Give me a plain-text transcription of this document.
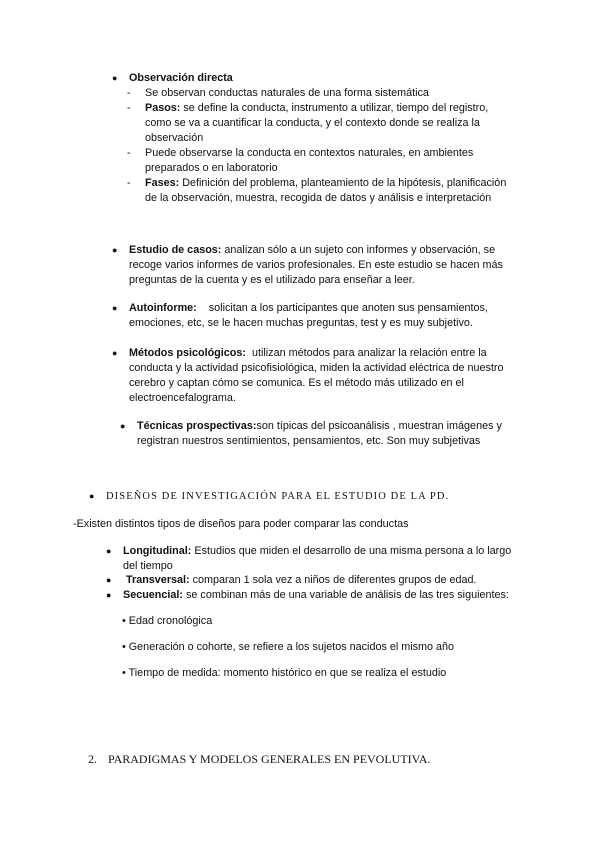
● Observación directa
- Se observan conductas naturales de una forma sistemática
- Pasos: se define la conducta, instrumento a utilizar, tiempo del registro,
como se va a cuantificar la conducta, y el contexto donde se realiza la
observación
- Puede observarse la conducta en contextos naturales, en ambientes
preparados o en laboratorio
- Fases: Definición del problema, planteamiento de la hipótesis, planificación
de la observación, muestra, recogida de datos y análisis e interpretación
● Estudio de casos: analizan sólo a un sujeto con informes y observación, se
recoge varios informes de varios profesionales. En este estudio se hacen más
preguntas de la cuenta y es el utilizado para enseñar a leer.
● Autoinforme: solicitan a los participantes que anoten sus pensamientos,
emociones, etc, se le hacen muchas preguntas, test y es muy subjetivo.
● Métodos psicológicos: utilizan métodos para analizar la relación entre la
conducta y la actividad psicofisiológica, miden la actividad eléctrica de nuestro
cerebro y captan cómo se comunica. Es el método más utilizado en el
electroencefalograma.
● Técnicas prospectivas:son típicas del psicoanálisis , muestran imágenes y
registran nuestros sentimientos, pensamientos, etc. Son muy subjetivas
● DISEÑOS DE INVESTIGACIÓN PARA EL ESTUDIO DE LA PD.
-Existen distintos tipos de diseños para poder comparar las conductas
● Longitudinal: Estudios que miden el desarrollo de una misma persona a lo largo
del tiempo
● Transversal: comparan 1 sola vez a niños de diferentes grupos de edad.
● Secuencial: se combinan más de una variable de análisis de las tres siguientes:
• Edad cronológica
• Generación o cohorte, se refiere a los sujetos nacidos el mismo año
• Tiempo de medida: momento histórico en que se realiza el estudio
2. PARADIGMAS Y MODELOS GENERALES EN PEVOLUTIVA.
